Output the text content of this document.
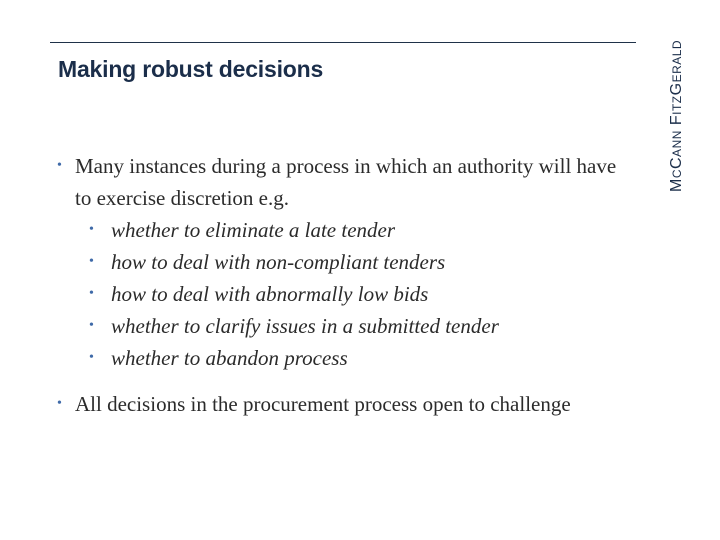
Making robust decisions
MCCANN FITZGERALD
• Many instances during a process in which an authority will have to exercise discretion e.g.
• whether to eliminate a late tender
• how to deal with non-compliant tenders
• how to deal with abnormally low bids
• whether to clarify issues in a submitted tender
• whether to abandon process
• All decisions in the procurement process open to challenge
